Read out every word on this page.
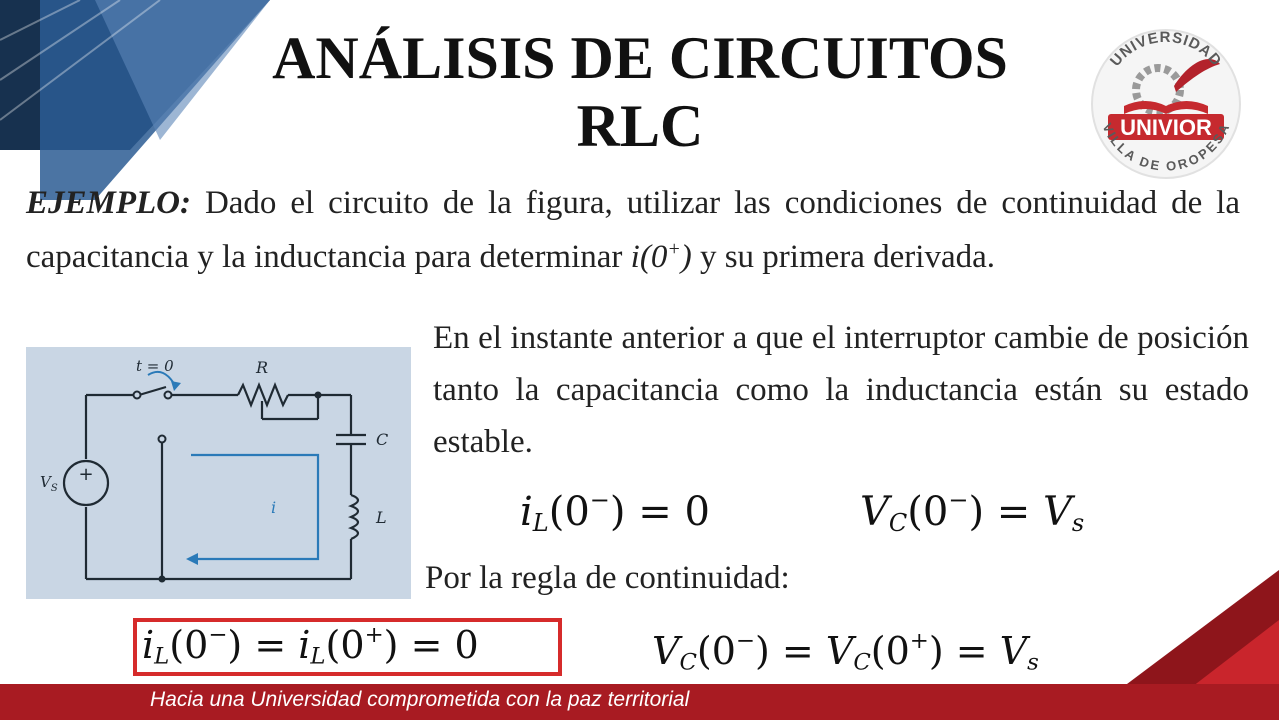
ANÁLISIS DE CIRCUITOS
RLC	UNIVIOR
UNIVERSIDAD
VILLA DE OROPESA
EJEMPLO: Dado el circuito de la figura, utilizar las condiciones de continuidad de la capacitancia y la inductancia para determinar i(0+) y su primera derivada.
+
t = 0	R
C
L
$V_S$
i
En el instante anterior a que el interruptor cambie de posición tanto la capacitancia como la inductancia están su estado estable.
$i_L(0^-) = 0$	$V_C(0^-) = V_s$
Por la regla de continuidad:
$i_L(0^-) = i_L(0^+) = 0$	$V_C(0^-) = V_C(0^+) = V_s$
Hacia una Universidad comprometida con la paz territorial
